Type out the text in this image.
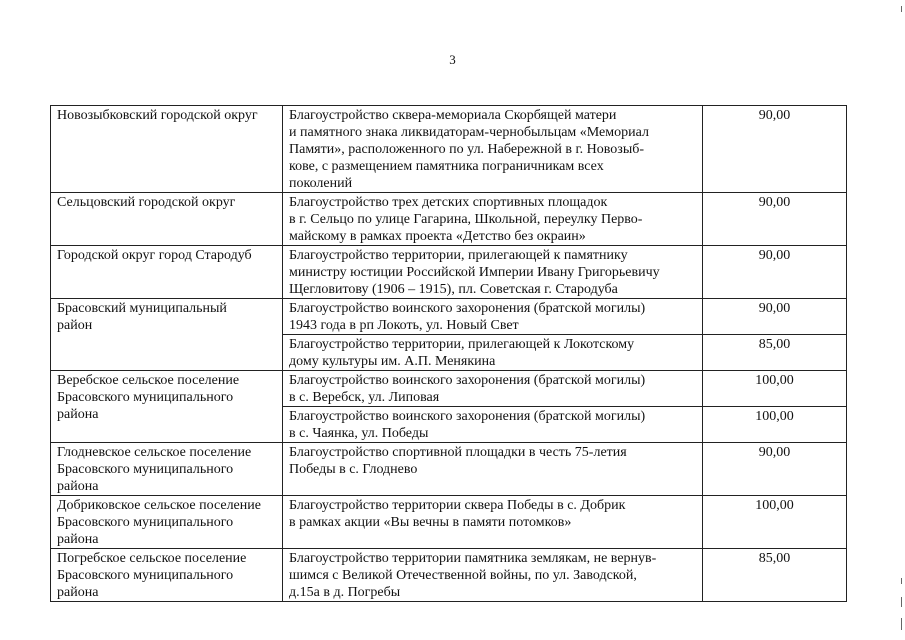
3
Новозыбковский городской округ	Благоустройство сквера-мемориала Скорбящей матери
и памятного знака ликвидаторам-чернобыльцам «Мемориал
Памяти», расположенного по ул. Набережной в г. Новозыб-
кове, с размещением памятника пограничникам всех
поколений	90,00

Сельцовский городской округ	Благоустройство трех детских спортивных площадок
в г. Сельцо по улице Гагарина, Школьной, переулку Перво-
майскому в рамках проекта «Детство без окраин»	90,00

Городской округ город Стародуб	Благоустройство территории, прилегающей к памятнику
министру юстиции Российской Империи Ивану Григорьевичу
Щегловитову (1906 – 1915), пл. Советская г. Стародуба	90,00

Брасовский муниципальный
район	Благоустройство воинского захоронения (братской могилы)
1943 года в рп Локоть, ул. Новый Свет	90,00

	Благоустройство территории, прилегающей к Локотскому
дому культуры им. А.П. Менякина	85,00

Веребское сельское поселение
Брасовского муниципального
района	Благоустройство воинского захоронения (братской могилы)
в с. Веребск, ул. Липовая	100,00

	Благоустройство воинского захоронения (братской могилы)
в с. Чаянка, ул. Победы	100,00

Глодневское сельское поселение
Брасовского муниципального
района	Благоустройство спортивной площадки в честь 75-летия
Победы в с. Глоднево	90,00

Добриковское сельское поселение
Брасовского муниципального
района	Благоустройство территории сквера Победы в с. Добрик
в рамках акции «Вы вечны в памяти потомков»	100,00

Погребское сельское поселение
Брасовского муниципального
района	Благоустройство территории памятника землякам, не вернув-
шимся с Великой Отечественной войны, по ул. Заводской,
д.15а в д. Погребы	85,00
